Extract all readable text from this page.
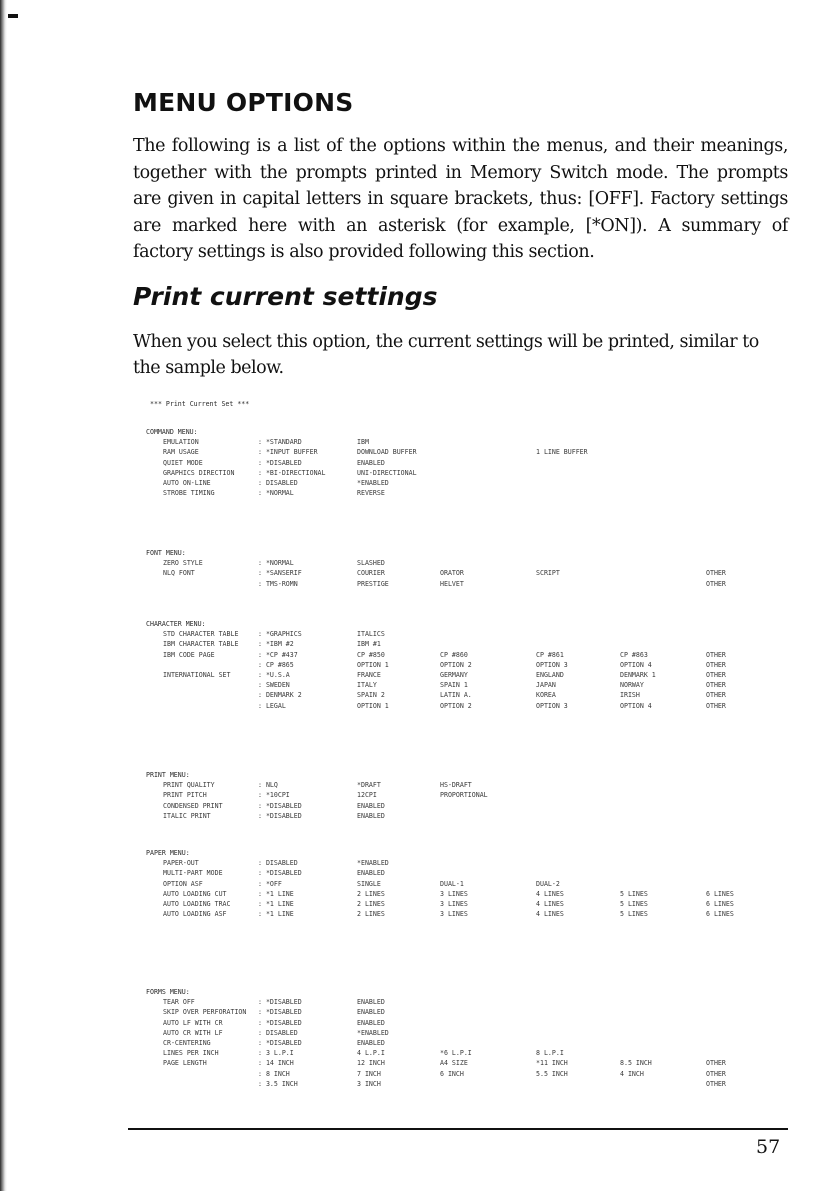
MENU OPTIONS

The following is a list of the options within the menus, and their meanings, together with the prompts printed in Memory Switch mode. The prompts are given in capital letters in square brackets, thus: [OFF]. Factory settings are marked here with an asterisk (for example, [*ON]). A summary of factory settings is also provided following this section.

Print current settings

When you select this option, the current settings will be printed, similar to the sample below.

*** Print Current Set ***
COMMAND MENU:
EMULATION	: *STANDARD	IBM
RAM USAGE	: *INPUT BUFFER	DOWNLOAD BUFFER	1 LINE BUFFER
QUIET MODE	: *DISABLED	ENABLED
GRAPHICS DIRECTION	: *BI-DIRECTIONAL	UNI-DIRECTIONAL
AUTO ON-LINE	: DISABLED	*ENABLED
STROBE TIMING	: *NORMAL	REVERSE
FONT MENU:
ZERO STYLE	: *NORMAL	SLASHED
NLQ FONT	: *SANSERIF	COURIER	ORATOR	SCRIPT	OTHER
: TMS-ROMN	PRESTIGE	HELVET	OTHER
CHARACTER MENU:
STD CHARACTER TABLE	: *GRAPHICS	ITALICS
IBM CHARACTER TABLE	: *IBM #2	IBM #1
IBM CODE PAGE	: *CP #437	CP #850	CP #860	CP #861	CP #863	OTHER
: CP #865	OPTION 1	OPTION 2	OPTION 3	OPTION 4	OTHER
INTERNATIONAL SET	: *U.S.A	FRANCE	GERMANY	ENGLAND	DENMARK 1	OTHER
: SWEDEN	ITALY	SPAIN 1	JAPAN	NORWAY	OTHER
: DENMARK 2	SPAIN 2	LATIN A.	KOREA	IRISH	OTHER
: LEGAL	OPTION 1	OPTION 2	OPTION 3	OPTION 4	OTHER
PRINT MENU:
PRINT QUALITY	: NLQ	*DRAFT	HS-DRAFT
PRINT PITCH	: *10CPI	12CPI	PROPORTIONAL
CONDENSED PRINT	: *DISABLED	ENABLED
ITALIC PRINT	: *DISABLED	ENABLED
PAPER MENU:
PAPER-OUT	: DISABLED	*ENABLED
MULTI-PART MODE	: *DISABLED	ENABLED
OPTION ASF	: *OFF	SINGLE	DUAL-1	DUAL-2
AUTO LOADING CUT	: *1 LINE	2 LINES	3 LINES	4 LINES	5 LINES	6 LINES
AUTO LOADING TRAC	: *1 LINE	2 LINES	3 LINES	4 LINES	5 LINES	6 LINES
AUTO LOADING ASF	: *1 LINE	2 LINES	3 LINES	4 LINES	5 LINES	6 LINES
FORMS MENU:
TEAR OFF	: *DISABLED	ENABLED
SKIP OVER PERFORATION : *DISABLED	ENABLED
AUTO LF WITH CR	: *DISABLED	ENABLED
AUTO CR WITH LF	: DISABLED	*ENABLED
CR-CENTERING	: *DISABLED	ENABLED
LINES PER INCH	: 3 L.P.I	4 L.P.I	*6 L.P.I	8 L.P.I
PAGE LENGTH	: 14 INCH	12 INCH	A4 SIZE	*11 INCH	8.5 INCH	OTHER
: 8 INCH	7 INCH	6 INCH	5.5 INCH	4 INCH	OTHER
: 3.5 INCH	3 INCH	OTHER
57
